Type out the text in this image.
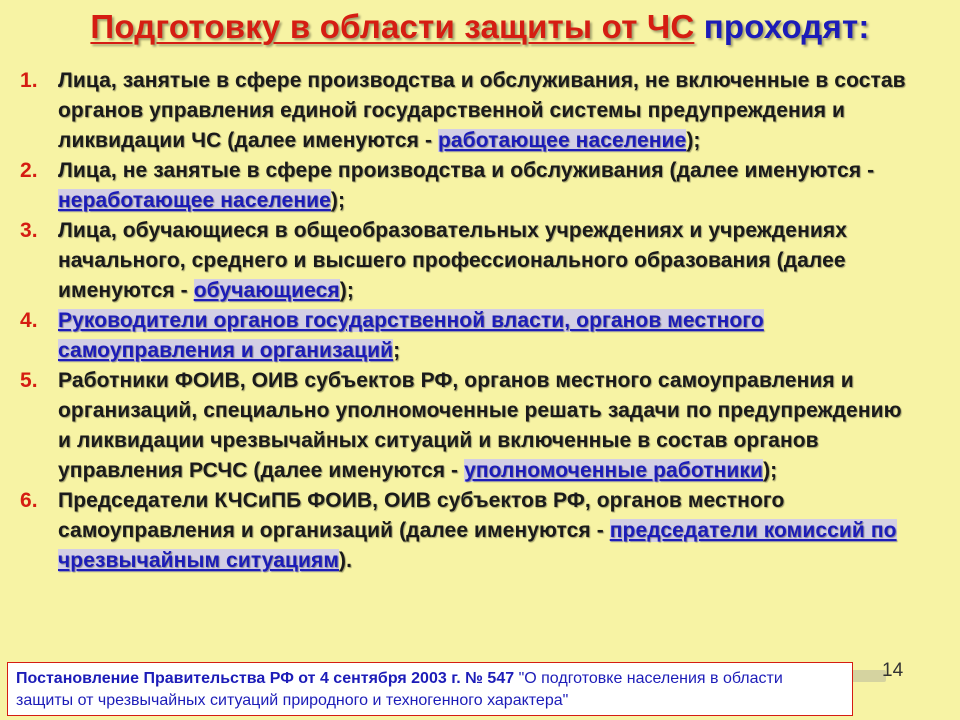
Подготовку в области защиты от ЧС проходят:
1. Лица, занятые в сфере производства и обслуживания, не включенные в состав органов управления единой государственной системы предупреждения и ликвидации ЧС (далее именуются - работающее население);
2. Лица, не занятые в сфере производства и обслуживания (далее именуются - неработающее население);
3. Лица, обучающиеся в общеобразовательных учреждениях и учреждениях начального, среднего и высшего профессионального образования (далее именуются - обучающиеся);
4. Руководители органов государственной власти, органов местного самоуправления и организаций;
5. Работники ФОИВ, ОИВ субъектов РФ, органов местного самоуправления и организаций, специально уполномоченные решать задачи по предупреждению и ликвидации чрезвычайных ситуаций и включенные в состав органов управления РСЧС (далее именуются - уполномоченные работники);
6. Председатели КЧСиПБ ФОИВ, ОИВ субъектов РФ, органов местного самоуправления и организаций (далее именуются - председатели комиссий по чрезвычайным ситуациям).
14
Постановление Правительства РФ от 4 сентября 2003 г. № 547 "О подготовке населения в области защиты от чрезвычайных ситуаций природного и техногенного характера"
